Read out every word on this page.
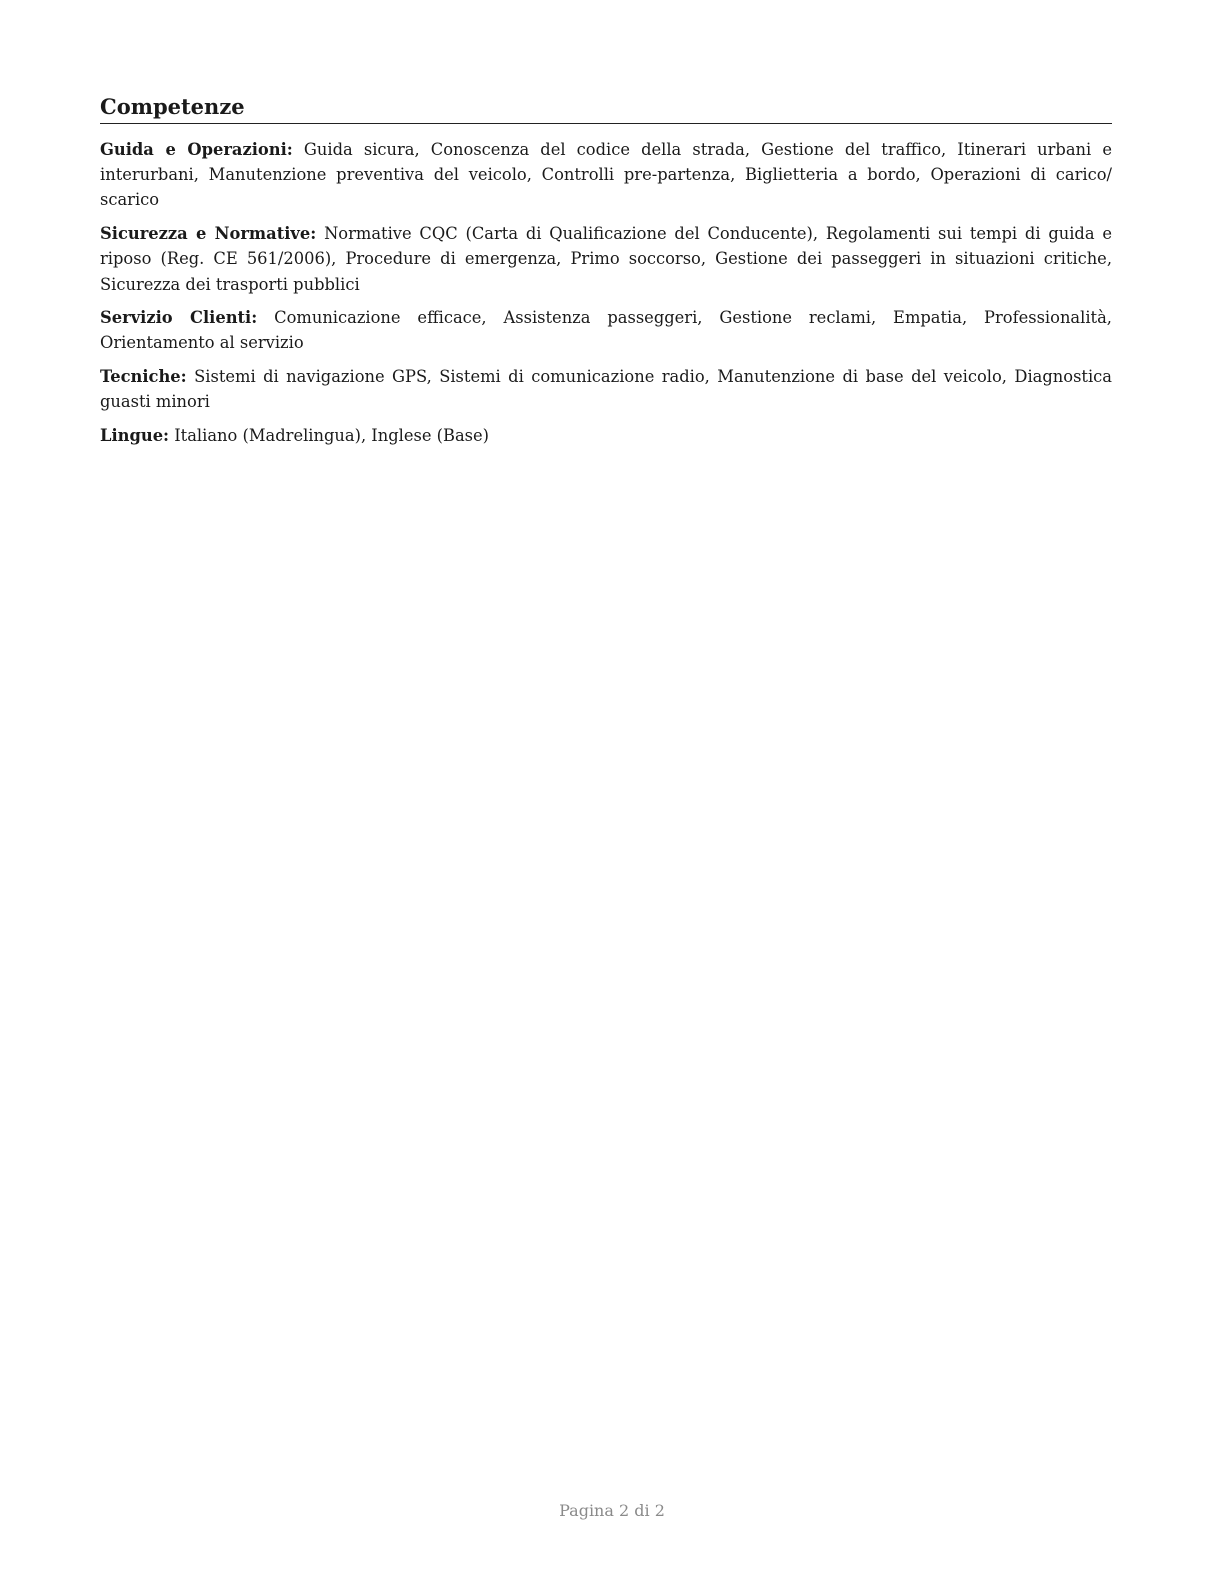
Competenze

Guida e Operazioni: Guida sicura, Conoscenza del codice della strada, Gestione del traffico, Itinerari urbani e interurbani, Manutenzione preventiva del veicolo, Controlli pre-partenza, Biglietteria a bordo, Operazioni di carico/​scarico

Sicurezza e Normative: Normative CQC (Carta di Qualificazione del Conducente), Regolamenti sui tempi di guida e riposo (Reg. CE 561/2006), Procedure di emergenza, Primo soccorso, Gestione dei passeggeri in situazioni critiche, Sicurezza dei trasporti pubblici

Servizio Clienti: Comunicazione efficace, Assistenza passeggeri, Gestione reclami, Empatia, Professionalità, Orientamento al servizio

Tecniche: Sistemi di navigazione GPS, Sistemi di comunicazione radio, Manutenzione di base del veicolo, Diagnostica guasti minori

Lingue: Italiano (Madrelingua), Inglese (Base)

Pagina 2 di 2
